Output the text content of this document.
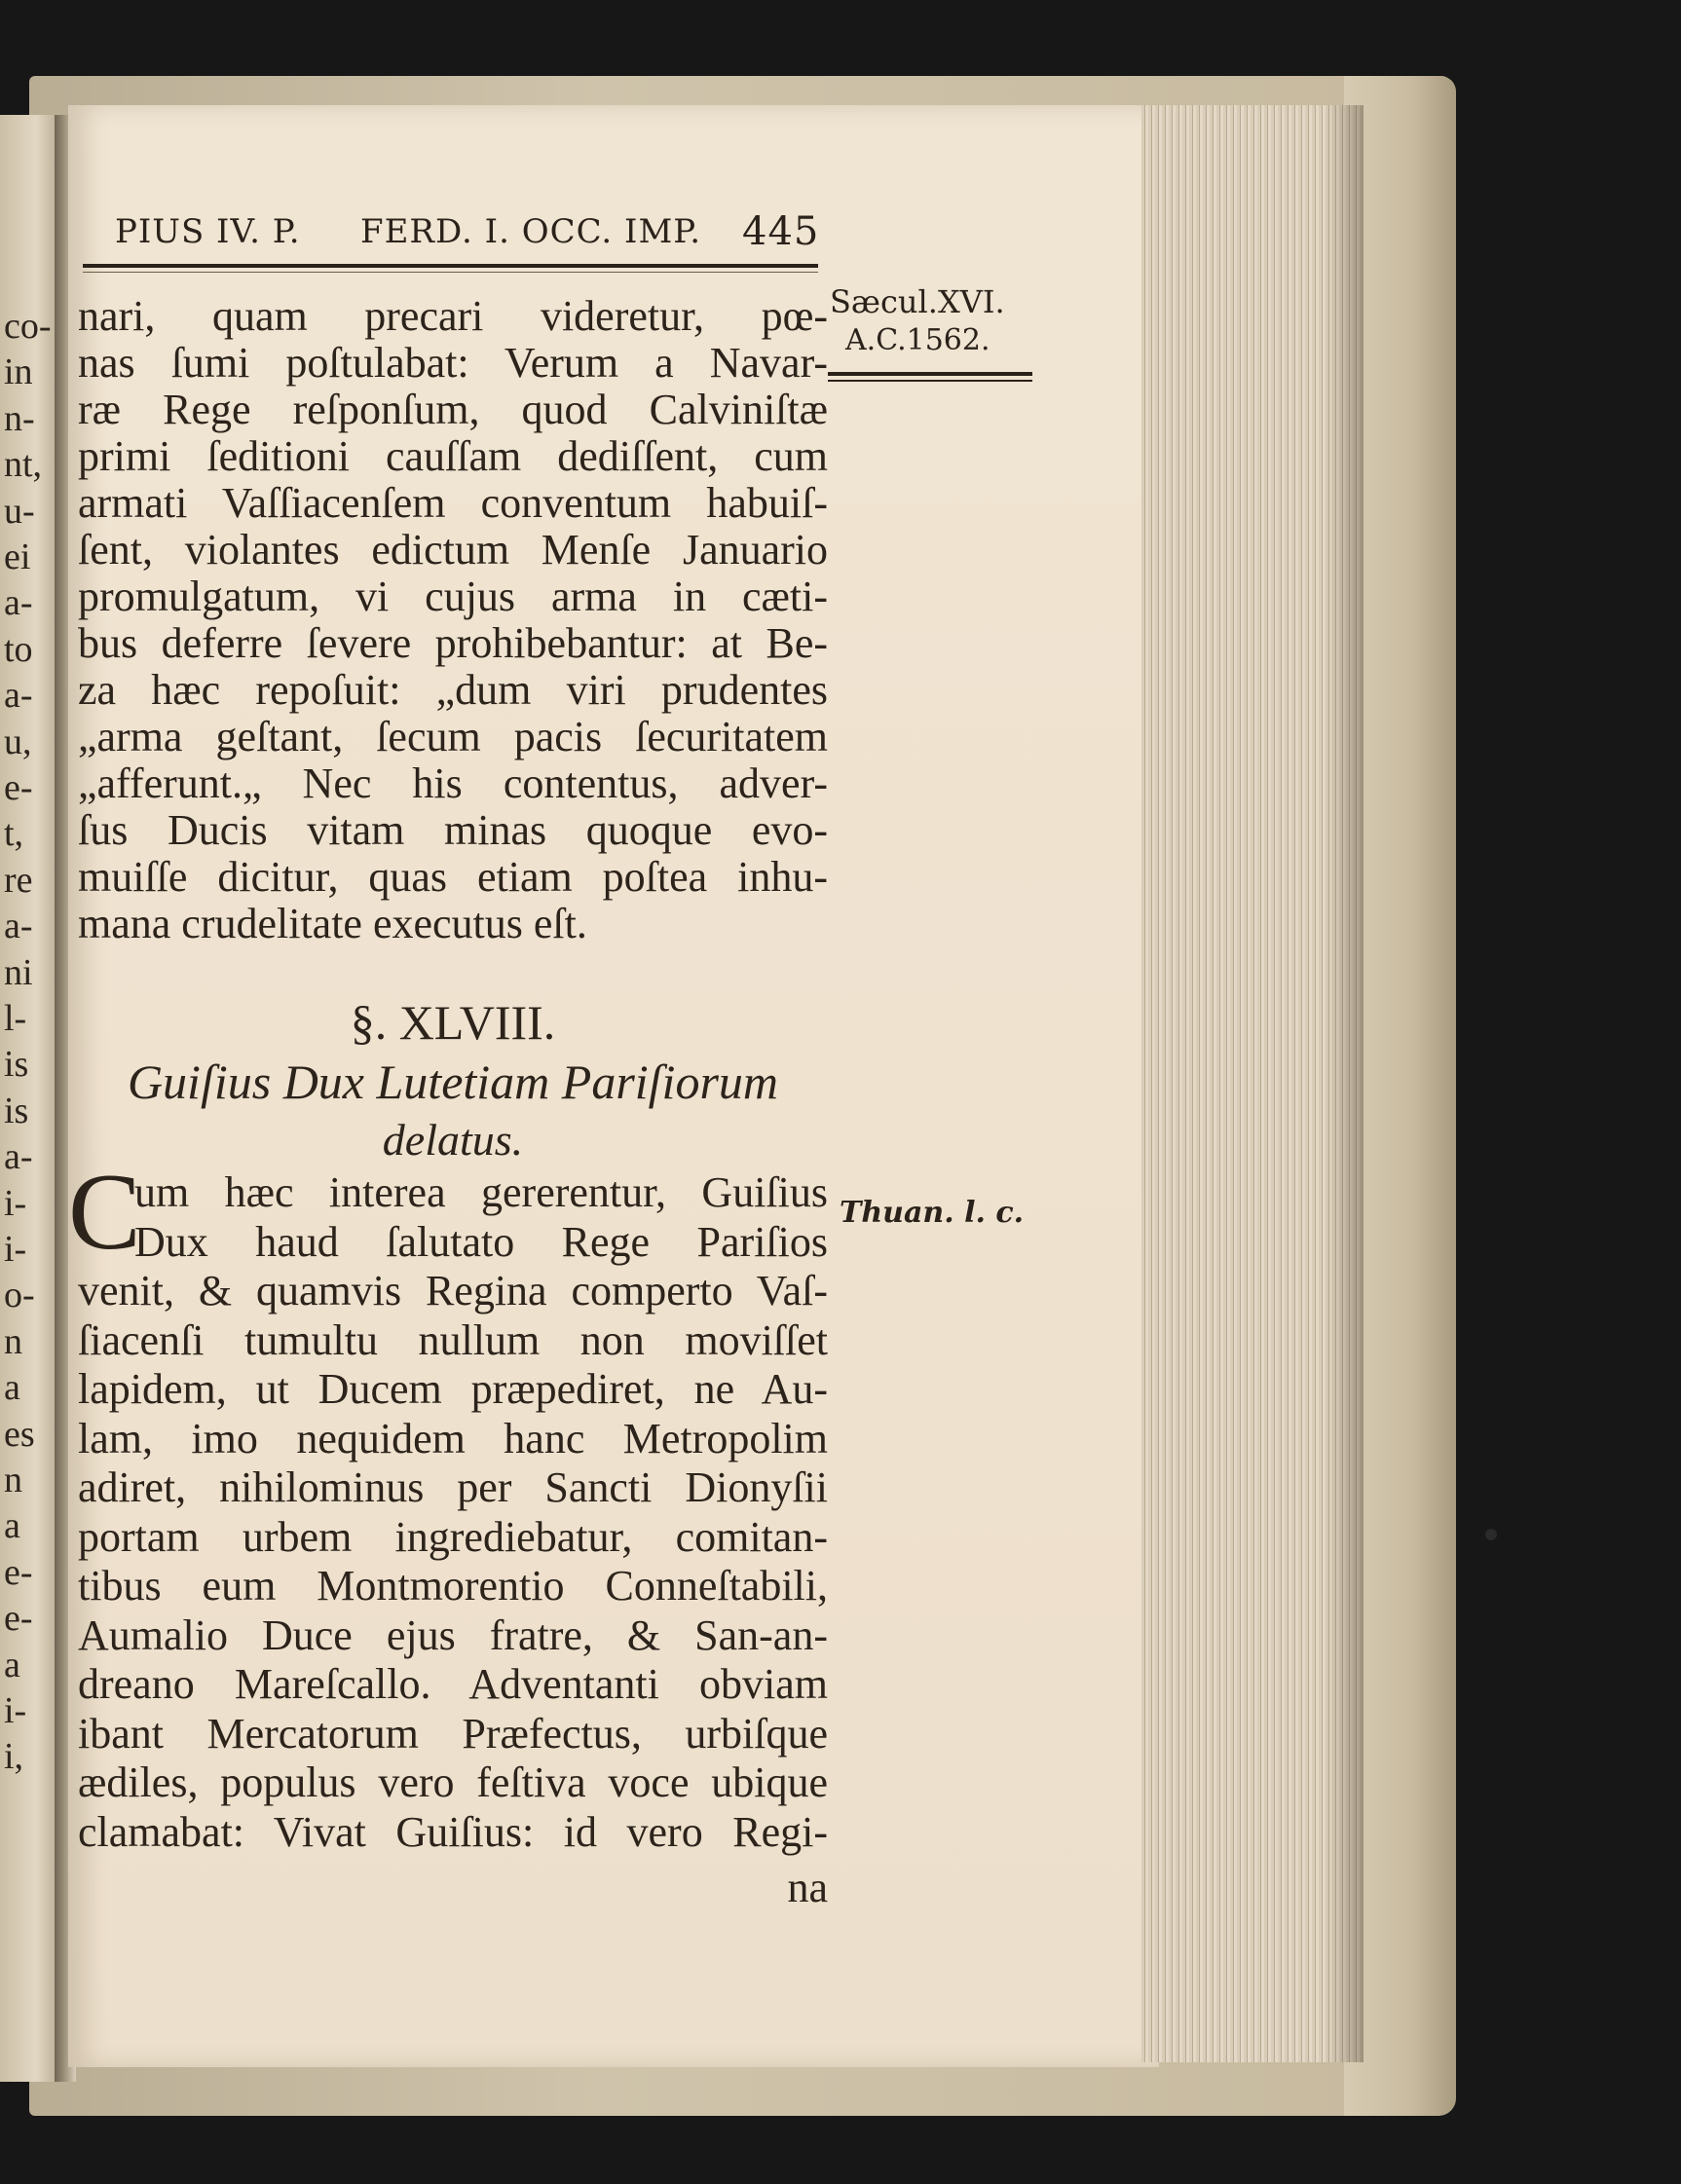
co-
in
n-
nt,
u-
ei
a-
to
a-
u,
e-
t,
re
a-
ni
l-
is
is
a-
i-
i-
o-
n
a
es
n
a
e-
e-
a
i-
i,
PIUS IV. P. FERD. I. OCC. IMP. 445
Sæcul.XVI.
A.C.1562.
Thuan. l. c.
nari, quam precari videretur, pœ-
nas ſumi poſtulabat: Verum a Navar-
ræ Rege reſponſum, quod Calviniſtæ
primi ſeditioni cauſſam dediſſent, cum
armati Vaſſiacenſem conventum habuiſ-
ſent, violantes edictum Menſe Januario
promulgatum, vi cujus arma in cæti-
bus deferre ſevere prohibebantur: at Be-
za hæc repoſuit: „dum viri prudentes
„arma geſtant, ſecum pacis ſecuritatem
„afferunt.„ Nec his contentus, adver-
ſus Ducis vitam minas quoque evo-
muiſſe dicitur, quas etiam poſtea inhu-
mana crudelitate executus eſt.
§. XLVIII.
Guiſius Dux Lutetiam Pariſiorum
delatus.
C
um hæc interea gererentur, Guiſius
Dux haud ſalutato Rege Pariſios
venit, & quamvis Regina comperto Vaſ-
ſiacenſi tumultu nullum non moviſſet
lapidem, ut Ducem præpediret, ne Au-
lam, imo nequidem hanc Metropolim
adiret, nihilominus per Sancti Dionyſii
portam urbem ingrediebatur, comitan-
tibus eum Montmorentio Conneſtabili,
Aumalio Duce ejus fratre, & San-an-
dreano Mareſcallo. Adventanti obviam
ibant Mercatorum Præfectus, urbiſque
ædiles, populus vero feſtiva voce ubique
clamabat: Vivat Guiſius: id vero Regi-
na
